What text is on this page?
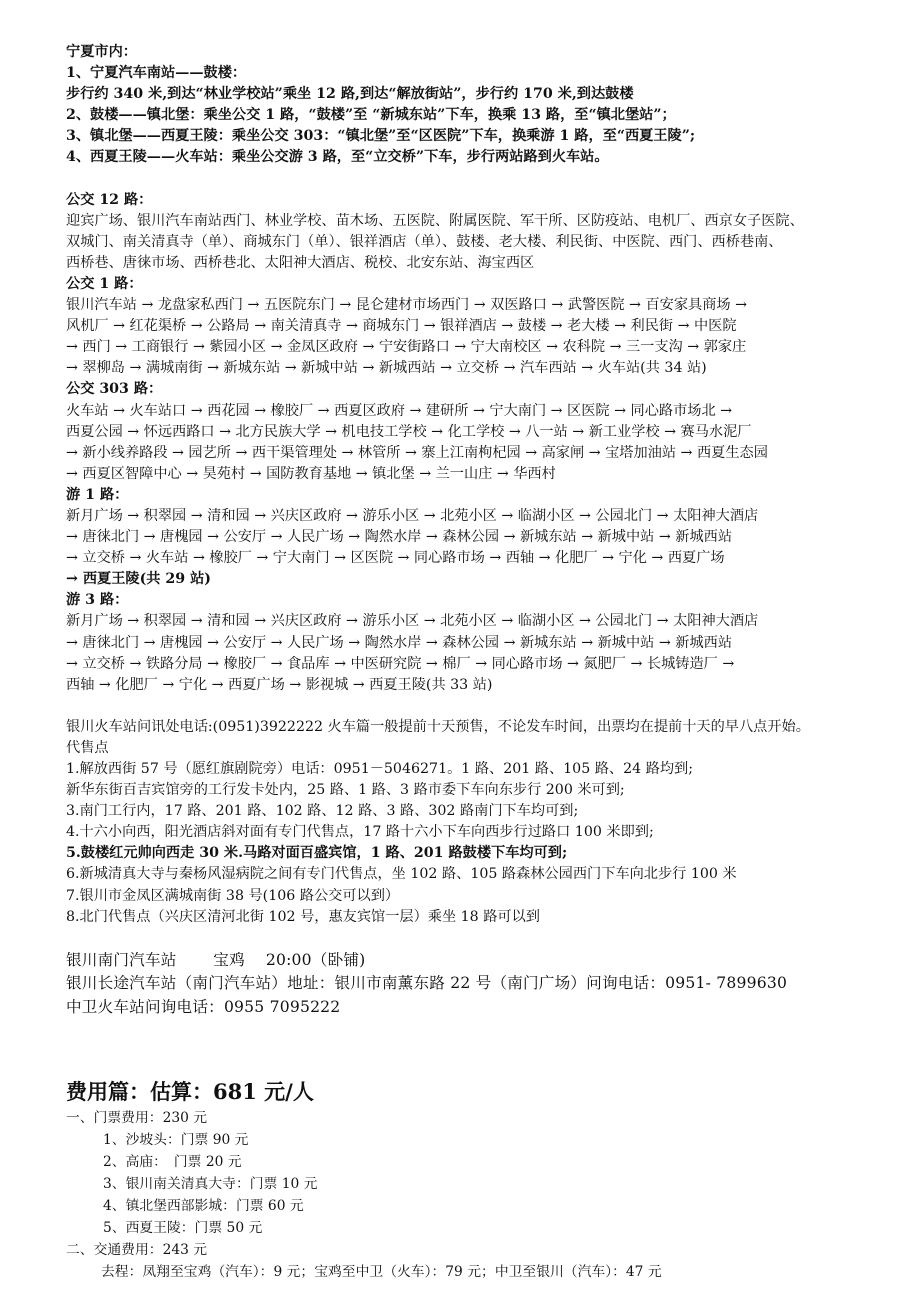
宁夏市内：
1、宁夏汽车南站——鼓楼：
步行约 340 米,到达“林业学校站”乘坐 12 路,到达“解放街站”，步行约 170 米,到达鼓楼
2、鼓楼——镇北堡：乘坐公交 1 路，“鼓楼”至 “新城东站”下车，换乘 13 路，至“镇北堡站”；
3、镇北堡——西夏王陵：乘坐公交 303：“镇北堡”至“区医院”下车，换乘游 1 路，至“西夏王陵”;
4、西夏王陵——火车站：乘坐公交游 3 路，至“立交桥”下车，步行两站路到火车站。
公交 12 路：
迎宾广场、银川汽车南站西门、林业学校、苗木场、五医院、附属医院、军干所、区防疫站、电机厂、西京女子医院、
双城门、南关清真寺（单）、商城东门（单）、银祥酒店（单）、鼓楼、老大楼、利民街、中医院、西门、西桥巷南、
西桥巷、唐徕市场、西桥巷北、太阳神大酒店、税校、北安东站、海宝西区
公交 1 路：
银川汽车站 → 龙盘家私西门 → 五医院东门 → 昆仑建材市场西门 → 双医路口 → 武警医院 → 百安家具商场 →
风机厂 → 红花渠桥 → 公路局 → 南关清真寺 → 商城东门 → 银祥酒店 → 鼓楼 → 老大楼 → 利民街 → 中医院
→ 西门 → 工商银行 → 紫园小区 → 金凤区政府 → 宁安街路口 → 宁大南校区 → 农科院 → 三一支沟 → 郭家庄
→ 翠柳岛 → 满城南街 → 新城东站 → 新城中站 → 新城西站 → 立交桥 → 汽车西站 → 火车站(共 34 站)
公交 303 路：
火车站 → 火车站口 → 西花园 → 橡胶厂 → 西夏区政府 → 建研所 → 宁大南门 → 区医院 → 同心路市场北 →
西夏公园 → 怀远西路口 → 北方民族大学 → 机电技工学校 → 化工学校 → 八一站 → 新工业学校 → 赛马水泥厂
→ 新小线养路段 → 园艺所 → 西干渠管理处 → 林管所 → 寨上江南枸杞园 → 高家闸 → 宝塔加油站 → 西夏生态园
→ 西夏区智障中心 → 昊苑村 → 国防教育基地 → 镇北堡 → 兰一山庄 → 华西村
游 1 路：
新月广场 → 积翠园 → 清和园 → 兴庆区政府 → 游乐小区 → 北苑小区 → 临湖小区 → 公园北门 → 太阳神大酒店
→ 唐徕北门 → 唐槐园 → 公安厅 → 人民广场 → 陶然水岸 → 森林公园 → 新城东站 → 新城中站 → 新城西站
→ 立交桥 → 火车站 → 橡胶厂 → 宁大南门 → 区医院 → 同心路市场 → 西轴 → 化肥厂 → 宁化 → 西夏广场
→ 西夏王陵(共 29 站)
游 3 路：
新月广场 → 积翠园 → 清和园 → 兴庆区政府 → 游乐小区 → 北苑小区 → 临湖小区 → 公园北门 → 太阳神大酒店
→ 唐徕北门 → 唐槐园 → 公安厅 → 人民广场 → 陶然水岸 → 森林公园 → 新城东站 → 新城中站 → 新城西站
→ 立交桥 → 铁路分局 → 橡胶厂 → 食品库 → 中医研究院 → 棉厂 → 同心路市场 → 氮肥厂 → 长城铸造厂 →
西轴 → 化肥厂 → 宁化 → 西夏广场 → 影视城 → 西夏王陵(共 33 站)
银川火车站问讯处电话:(0951)3922222 火车篇一般提前十天预售，不论发车时间，出票均在提前十天的早八点开始。
代售点
1.解放西街 57 号（愿红旗剧院旁）电话：0951－5046271。1 路、201 路、105 路、24 路均到;
新华东街百吉宾馆旁的工行发卡处内，25 路、1 路、3 路市委下车向东步行 200 米可到;
3.南门工行内，17 路、201 路、102 路、12 路、3 路、302 路南门下车均可到;
4.十六小向西，阳光酒店斜对面有专门代售点，17 路十六小下车向西步行过路口 100 米即到;
5.鼓楼红元帅向西走 30 米.马路对面百盛宾馆，1 路、201 路鼓楼下车均可到;
6.新城清真大寺与秦杨风湿病院之间有专门代售点，坐 102 路、105 路森林公园西门下车向北步行 100 米
7.银川市金凤区满城南街 38 号(106 路公交可以到）
8.北门代售点（兴庆区清河北街 102 号，惠友宾馆一层）乘坐 18 路可以到
银川南门汽车站　　 宝鸡　 20:00（卧铺)
银川长途汽车站（南门汽车站）地址：银川市南薰东路 22 号（南门广场）问询电话：0951- 7899630
中卫火车站问询电话：0955 7095222
费用篇：估算：681 元/人
一、门票费用：230 元
1、沙坡头：门票 90 元
2、高庙：　门票 20 元
3、银川南关清真大寺：门票 10 元
4、镇北堡西部影城：门票 60 元
5、西夏王陵：门票 50 元
二、交通费用：243 元
去程：凤翔至宝鸡（汽车）：9 元；宝鸡至中卫（火车）：79 元；中卫至银川（汽车）：47 元
